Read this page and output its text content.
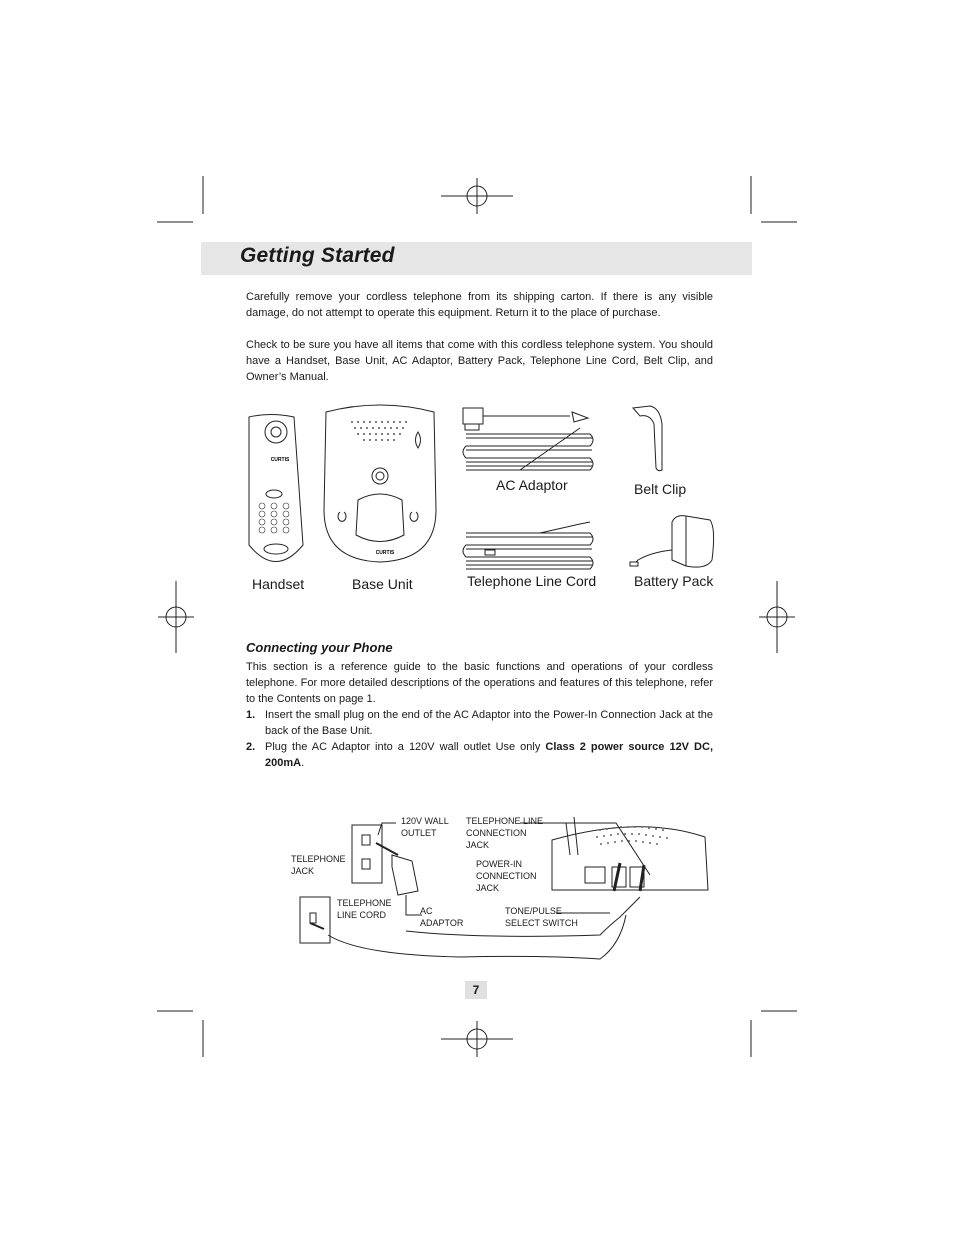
Getting Started
Carefully remove your cordless telephone from its shipping carton. If there is any visible damage, do not attempt to operate this equipment. Return it to the place of purchase.
Check to be sure you have all items that come with this cordless telephone system. You should have a Handset, Base Unit, AC Adaptor, Battery Pack, Telephone Line Cord, Belt Clip, and Owner’s Manual.
CURTIS
CURTIS
Handset	Base Unit
AC Adaptor	Belt Clip
Telephone Line Cord	Battery Pack
Connecting your Phone
This section is a reference guide to the basic functions and operations of your cordless telephone. For more detailed descriptions of the operations and features of this telephone, refer to the Contents on page 1.
1. Insert the small plug on the end of the AC Adaptor into the Power-In Connection Jack at the back of the Base Unit.
2. Plug the AC Adaptor into a 120V wall outlet Use only Class 2 power source 12V DC, 200mA.
120V WALL
OUTLET
TELEPHONE
JACK
TELEPHONE
LINE CORD	AC
ADAPTOR
TELEPHONE LINE
CONNECTION
JACK
POWER-IN
CONNECTION
JACK
TONE/PULSE
SELECT SWITCH
7
